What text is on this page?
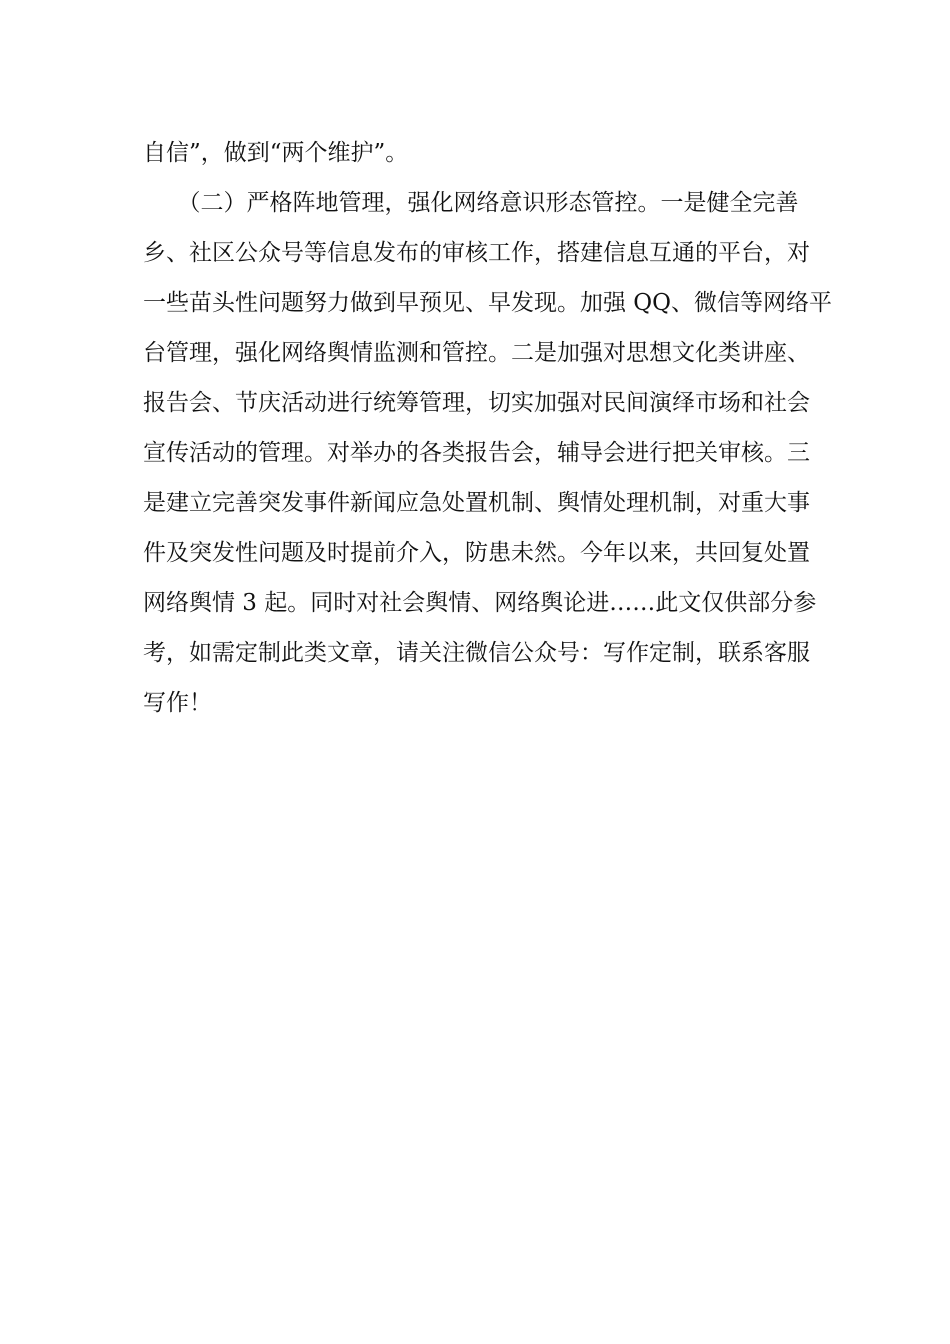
自信”，做到“两个维护”。
　　（二）严格阵地管理，强化网络意识形态管控。一是健全完善
乡、社区公众号等信息发布的审核工作，搭建信息互通的平台，对
一些苗头性问题努力做到早预见、早发现。加强 QQ、微信等网络平
台管理，强化网络舆情监测和管控。二是加强对思想文化类讲座、
报告会、节庆活动进行统筹管理，切实加强对民间演绎市场和社会
宣传活动的管理。对举办的各类报告会，辅导会进行把关审核。三
是建立完善突发事件新闻应急处置机制、舆情处理机制，对重大事
件及突发性问题及时提前介入，防患未然。今年以来，共回复处置
网络舆情 3 起。同时对社会舆情、网络舆论进……此文仅供部分参
考，如需定制此类文章，请关注微信公众号：写作定制，联系客服
写作！
